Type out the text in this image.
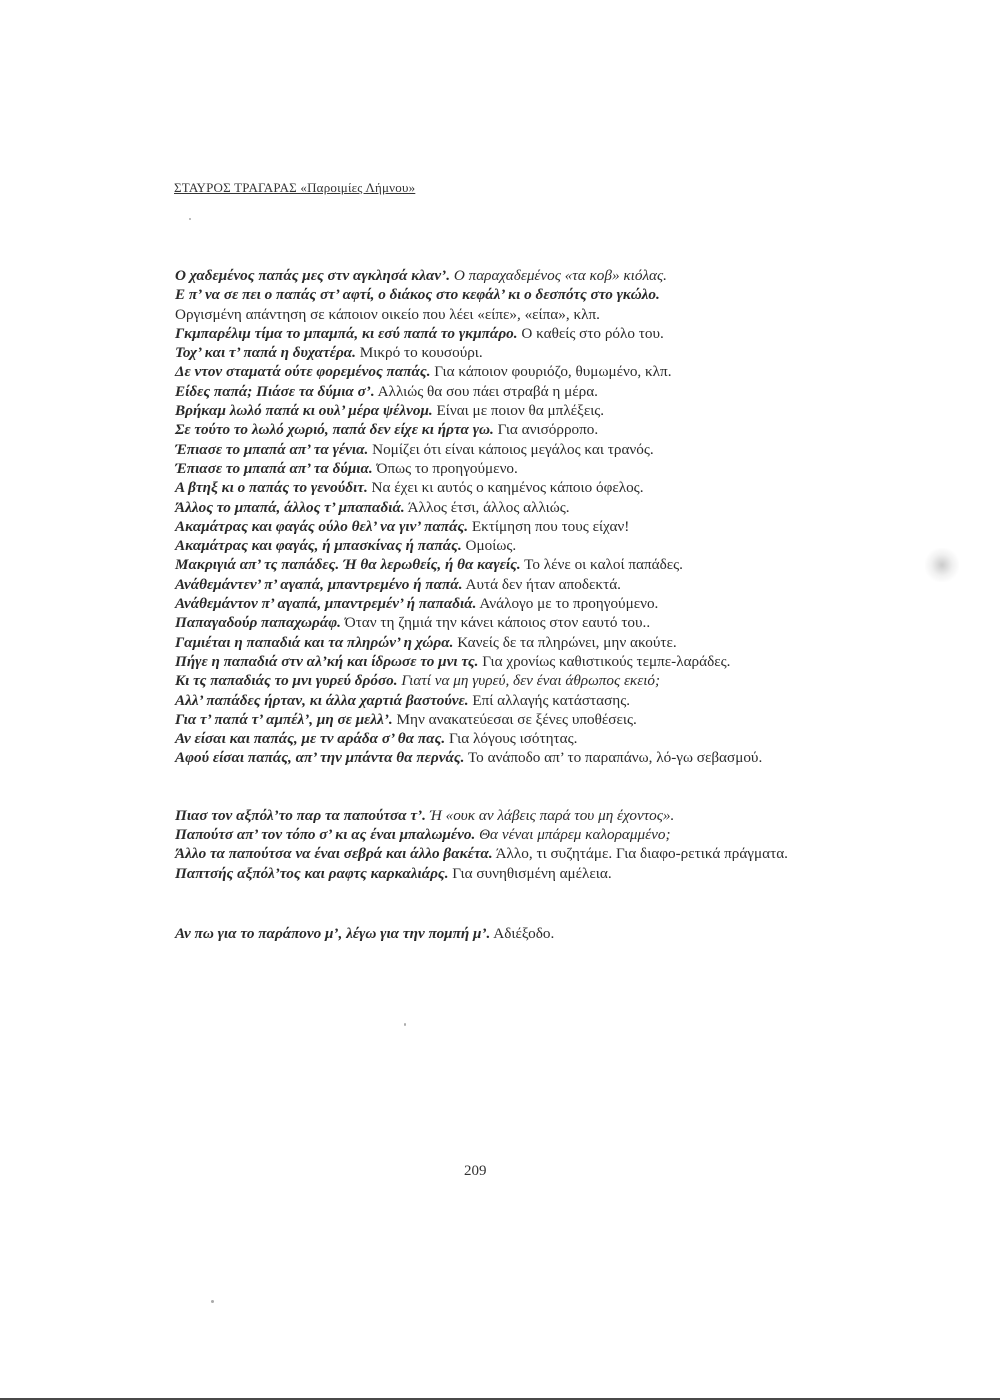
ΣΤΑΥΡΟΣ ΤΡΑΓΑΡΑΣ «Παροιμίες Λήμνου»
Ο χαδεμένος παπάς μες στν αγκλησά κλαν’. Ο παραχαδεμένος «τα κοβ» κιόλας.
Ε π’ να σε πει ο παπάς στ’ αφτί, ο διάκος στο κεφάλ’ κι ο δεσπότς στο γκώλο.
Οργισμένη απάντηση σε κάποιον οικείο που λέει «είπε», «είπα», κλπ.
Γκμπαρέλιμ τίμα το μπαμπά, κι εσύ παπά το γκμπάρο. Ο καθείς στο ρόλο του.
Τοχ’ και τ’ παπά η δυχατέρα. Μικρό το κουσούρι.
Δε ντον σταματά ούτε φορεμένος παπάς. Για κάποιον φουριόζο, θυμωμένο, κλπ.
Είδες παπά; Πιάσε τα δύμια σ’. Αλλιώς θα σου πάει στραβά η μέρα.
Βρήκαμ λωλό παπά κι ουλ’ μέρα ψέλνομ. Είναι με ποιον θα μπλέξεις.
Σε τούτο το λωλό χωριό, παπά δεν είχε κι ήρτα γω. Για ανισόρροπο.
Έπιασε το μπαπά απ’ τα γένια. Νομίζει ότι είναι κάποιος μεγάλος και τρανός.
Έπιασε το μπαπά απ’ τα δύμια. Όπως το προηγούμενο.
Α βτηξ κι ο παπάς το γενούδιτ. Να έχει κι αυτός ο καημένος κάποιο όφελος.
Άλλος το μπαπά, άλλος τ’ μπαπαδιά. Άλλος έτσι, άλλος αλλιώς.
Ακαμάτρας και φαγάς ούλο θελ’ να γιν’ παπάς. Εκτίμηση που τους είχαν!
Ακαμάτρας και φαγάς, ή μπασκίνας ή παπάς. Ομοίως.
Μακριγιά απ’ τς παπάδες. Ή θα λερωθείς, ή θα καγείς. Το λένε οι καλοί παπάδες.
Ανάθεμάντεν’ π’ αγαπά, μπαντρεμένο ή παπά. Αυτά δεν ήταν αποδεκτά.
Ανάθεμάντον π’ αγαπά, μπαντρεμέν’ ή παπαδιά. Ανάλογο με το προηγούμενο.
Παπαγαδούρ παπαχωράφ. Όταν τη ζημιά την κάνει κάποιος στον εαυτό του..
Γαμιέται η παπαδιά και τα πληρών’ η χώρα. Κανείς δε τα πληρώνει, μην ακούτε.
Πήγε η παπαδιά στν αλ’κή και ίδρωσε το μνι τς. Για χρονίως καθιστικούς τεμπε-λαράδες.
Κι τς παπαδιάς το μνι γυρεύ δρόσο. Γιατί να μη γυρεύ, δεν έναι άθρωπος εκειό;
Αλλ’ παπάδες ήρταν, κι άλλα χαρτιά βαστούνε. Επί αλλαγής κατάστασης.
Για τ’ παπά τ’ αμπέλ’, μη σε μελλ’. Μην ανακατεύεσαι σε ξένες υποθέσεις.
Αν είσαι και παπάς, με τν αράδα σ’ θα πας. Για λόγους ισότητας.
Αφού είσαι παπάς, απ’ την μπάντα θα περνάς. Το ανάποδο απ’ το παραπάνω, λό-γω σεβασμού.
Πιασ τον αξπόλ’το παρ τα παπούτσα τ’. Ή «ουκ αν λάβεις παρά του μη έχοντος».
Παπούτσ απ’ τον τόπο σ’ κι ας έναι μπαλωμένο. Θα νέναι μπάρεμ καλοραμμένο;
Άλλο τα παπούτσα να έναι σεβρά και άλλο βακέτα. Άλλο, τι συζητάμε. Για διαφο-ρετικά πράγματα.
Παπτσής αξπόλ’τος και ραφτς καρκαλιάρς. Για συνηθισμένη αμέλεια.
Αν πω για το παράπονο μ’, λέγω για την πομπή μ’. Αδιέξοδο.
209
